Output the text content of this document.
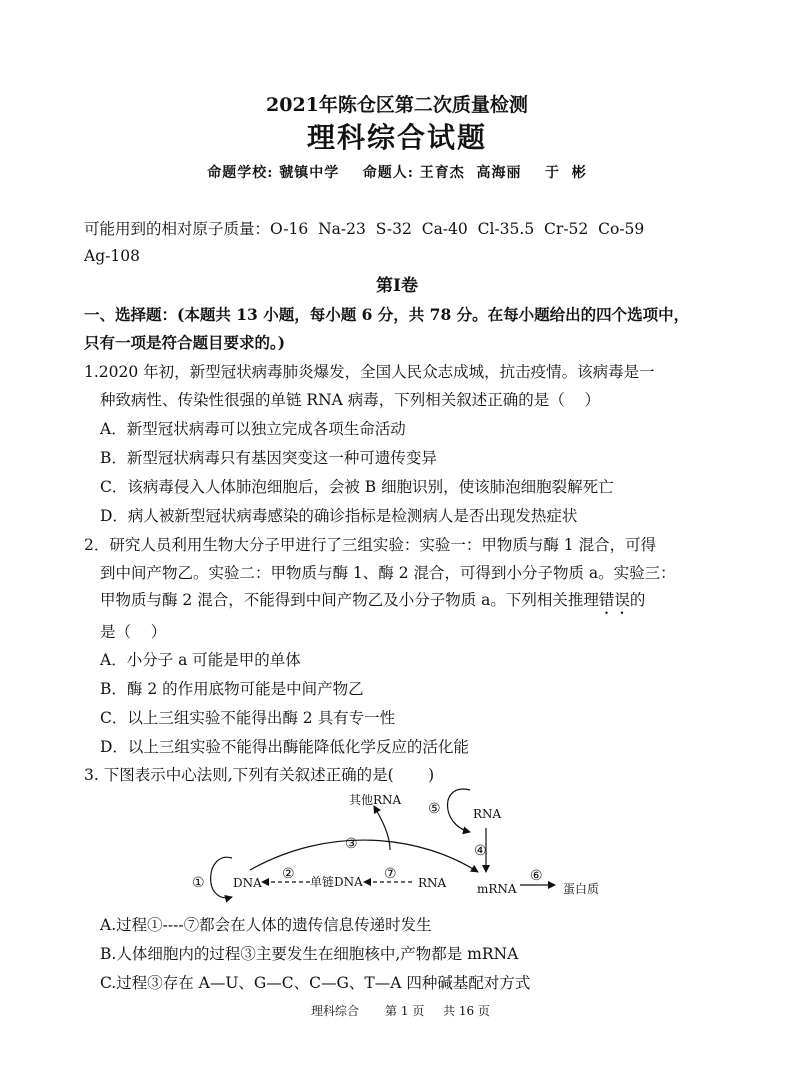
2021年陈仓区第二次质量检测
理科综合试题
命题学校: 虢镇中学    命题人: 王育杰  高海丽    于  彬
可能用到的相对原子质量：O-16  Na-23  S-32  Ca-40  Cl-35.5  Cr-52  Co-59
Ag-108
第Ⅰ卷
一、选择题：(本题共 13 小题，每小题 6 分，共 78 分。在每小题给出的四个选项中，
只有一项是符合题目要求的。)
1.2020 年初，新型冠状病毒肺炎爆发，全国人民众志成城，抗击疫情。该病毒是一
种致病性、传染性很强的单链 RNA 病毒，下列相关叙述正确的是（    ）
A．新型冠状病毒可以独立完成各项生命活动
B．新型冠状病毒只有基因突变这一种可遗传变异
C．该病毒侵入人体肺泡细胞后，会被 B 细胞识别，使该肺泡细胞裂解死亡
D．病人被新型冠状病毒感染的确诊指标是检测病人是否出现发热症状
2．研究人员利用生物大分子甲进行了三组实验：实验一：甲物质与酶 1 混合，可得
到中间产物乙。实验二：甲物质与酶 1、酶 2 混合，可得到小分子物质 a。实验三：
甲物质与酶 2 混合，不能得到中间产物乙及小分子物质 a。下列相关推理错误的
是（    ）
A．小分子 a 可能是甲的单体
B．酶 2 的作用底物可能是中间产物乙
C．以上三组实验不能得出酶 2 具有专一性
D．以上三组实验不能得出酶能降低化学反应的活化能
3. 下图表示中心法则,下列有关叙述正确的是(       )
其他RNA
RNA
DNA	单链DNA	RNA	mRNA	蛋白质
①
②
③	④
⑤
⑥
⑦
A.过程①----⑦都会在人体的遗传信息传递时发生
B.人体细胞内的过程③主要发生在细胞核中,产物都是 mRNA
C.过程③存在 A—U、G—C、C—G、T—A 四种碱基配对方式
理科综合 第 1 页 共 16 页
